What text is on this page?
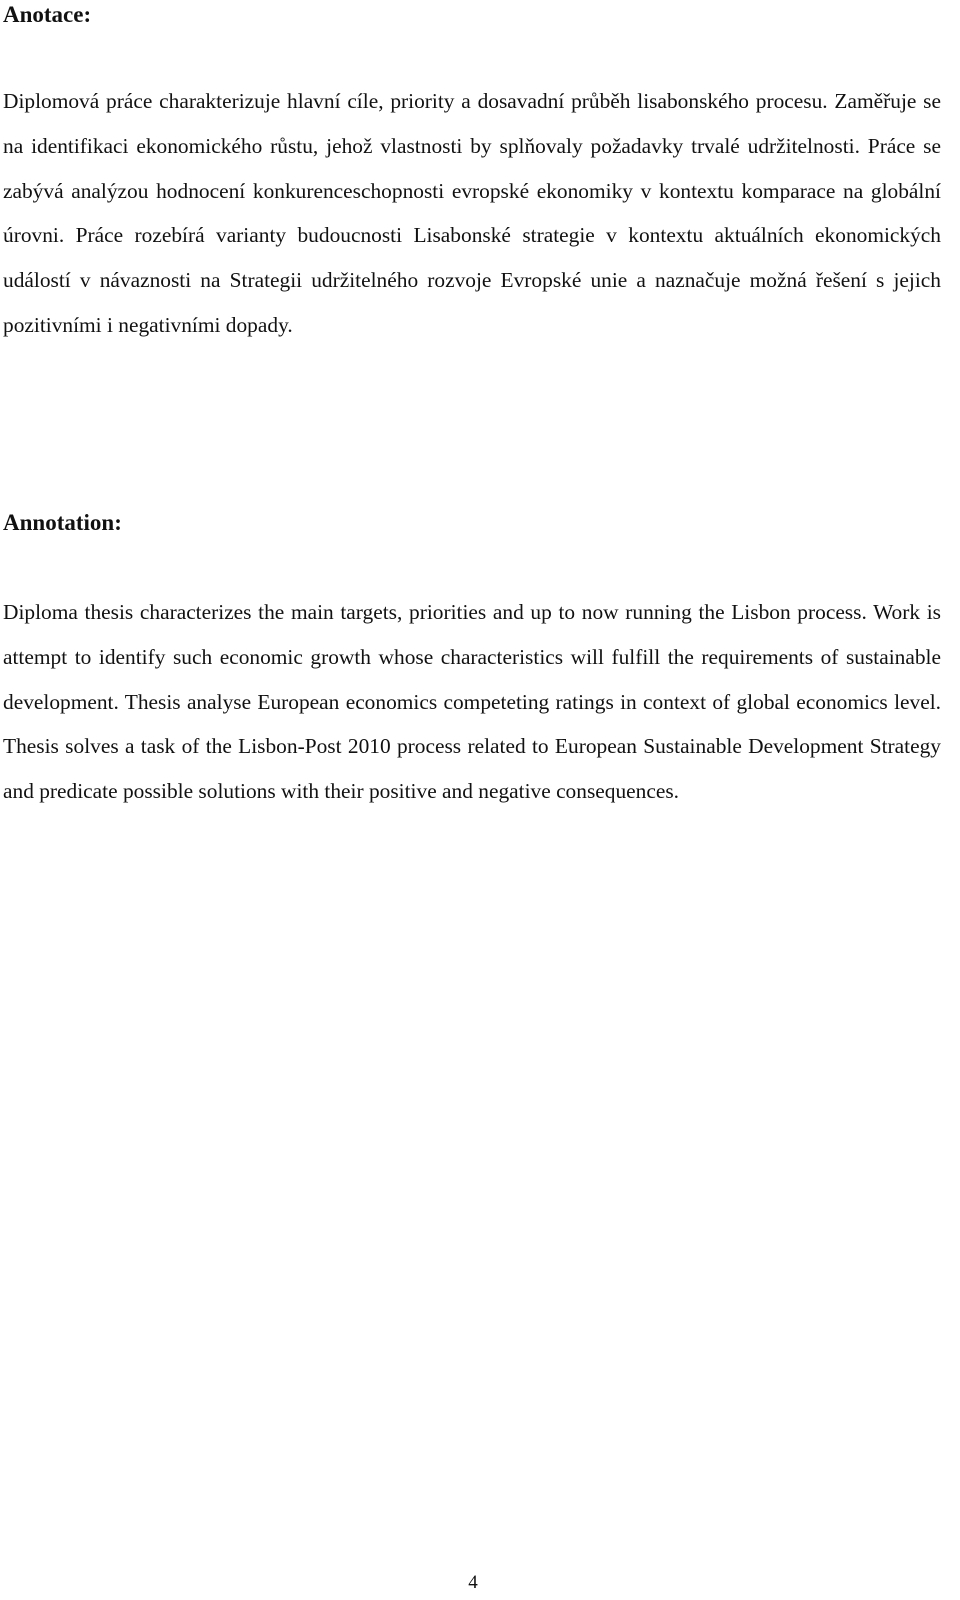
Anotace:

Diplomová práce charakterizuje hlavní cíle, priority a dosavadní průběh lisabonského procesu. Zaměřuje se na identifikaci ekonomického růstu, jehož vlastnosti by splňovaly požadavky trvalé udržitelnosti. Práce se zabývá analýzou hodnocení konkurenceschopnosti evropské ekonomiky v kontextu komparace na globální úrovni. Práce rozebírá varianty budoucnosti Lisabonské strategie v kontextu aktuálních ekonomických událostí v návaznosti na Strategii udržitelného rozvoje Evropské unie a naznačuje možná řešení s jejich pozitivními i negativními dopady.

Annotation:

Diploma thesis characterizes the main targets, priorities and up to now running the Lisbon process. Work is attempt to identify such economic growth whose characteristics will fulfill the requirements of sustainable development. Thesis analyse European economics competeting ratings in context of global economics level. Thesis solves a task of the Lisbon-Post 2010 process related to European Sustainable Development Strategy and predicate possible solutions with their positive and negative consequences.

4
